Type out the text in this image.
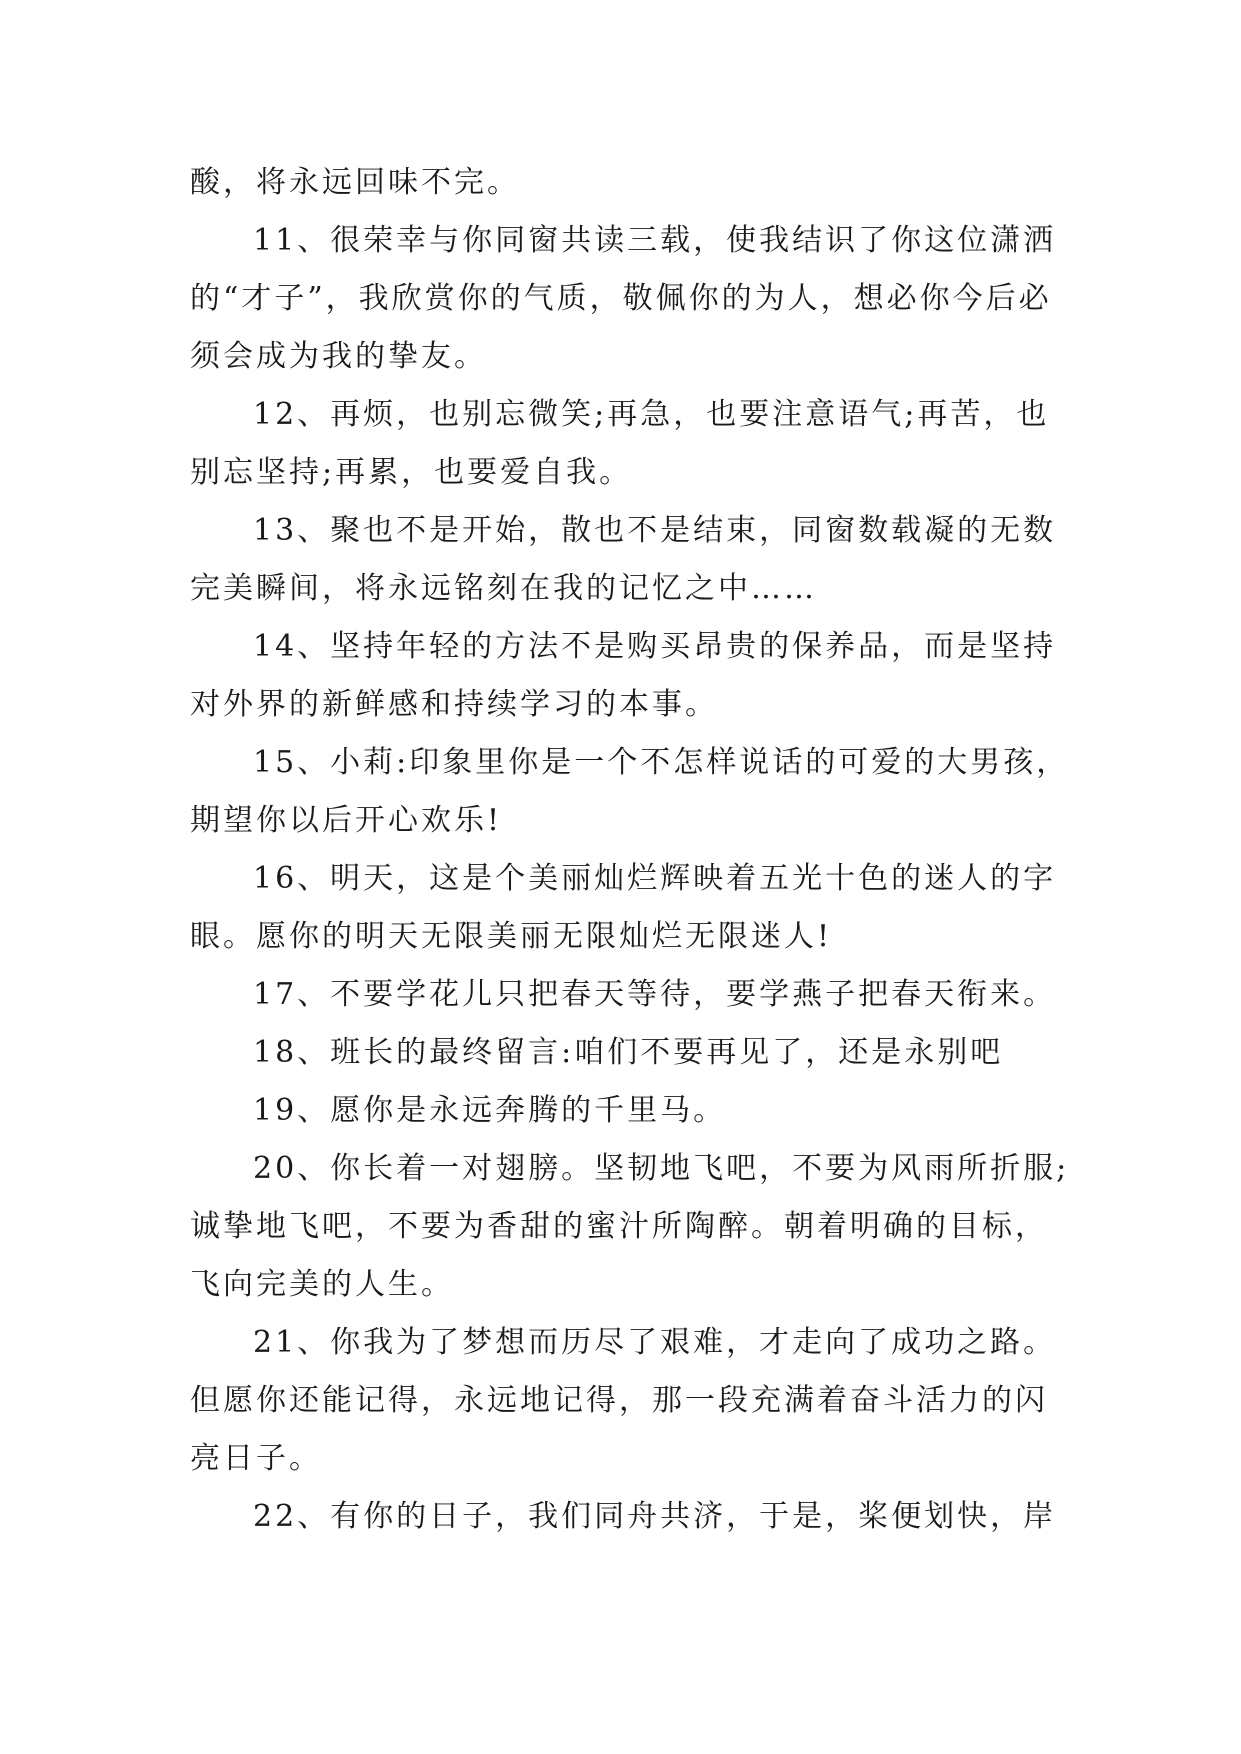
酸，将永远回味不完。

11、很荣幸与你同窗共读三载，使我结识了你这位潇洒的“才子”，我欣赏你的气质，敬佩你的为人，想必你今后必须会成为我的挚友。

12、再烦，也别忘微笑;再急，也要注意语气;再苦，也别忘坚持;再累，也要爱自我。

13、聚也不是开始，散也不是结束，同窗数载凝的无数完美瞬间，将永远铭刻在我的记忆之中……

14、坚持年轻的方法不是购买昂贵的保养品，而是坚持对外界的新鲜感和持续学习的本事。

15、小莉:印象里你是一个不怎样说话的可爱的大男孩，期望你以后开心欢乐!

16、明天，这是个美丽灿烂辉映着五光十色的迷人的字眼。愿你的明天无限美丽无限灿烂无限迷人!

17、不要学花儿只把春天等待，要学燕子把春天衔来。

18、班长的最终留言:咱们不要再见了，还是永别吧

19、愿你是永远奔腾的千里马。

20、你长着一对翅膀。坚韧地飞吧，不要为风雨所折服;诚挚地飞吧，不要为香甜的蜜汁所陶醉。朝着明确的目标，飞向完美的人生。

21、你我为了梦想而历尽了艰难，才走向了成功之路。但愿你还能记得，永远地记得，那一段充满着奋斗活力的闪亮日子。

22、有你的日子，我们同舟共济，于是，桨便划快，岸
